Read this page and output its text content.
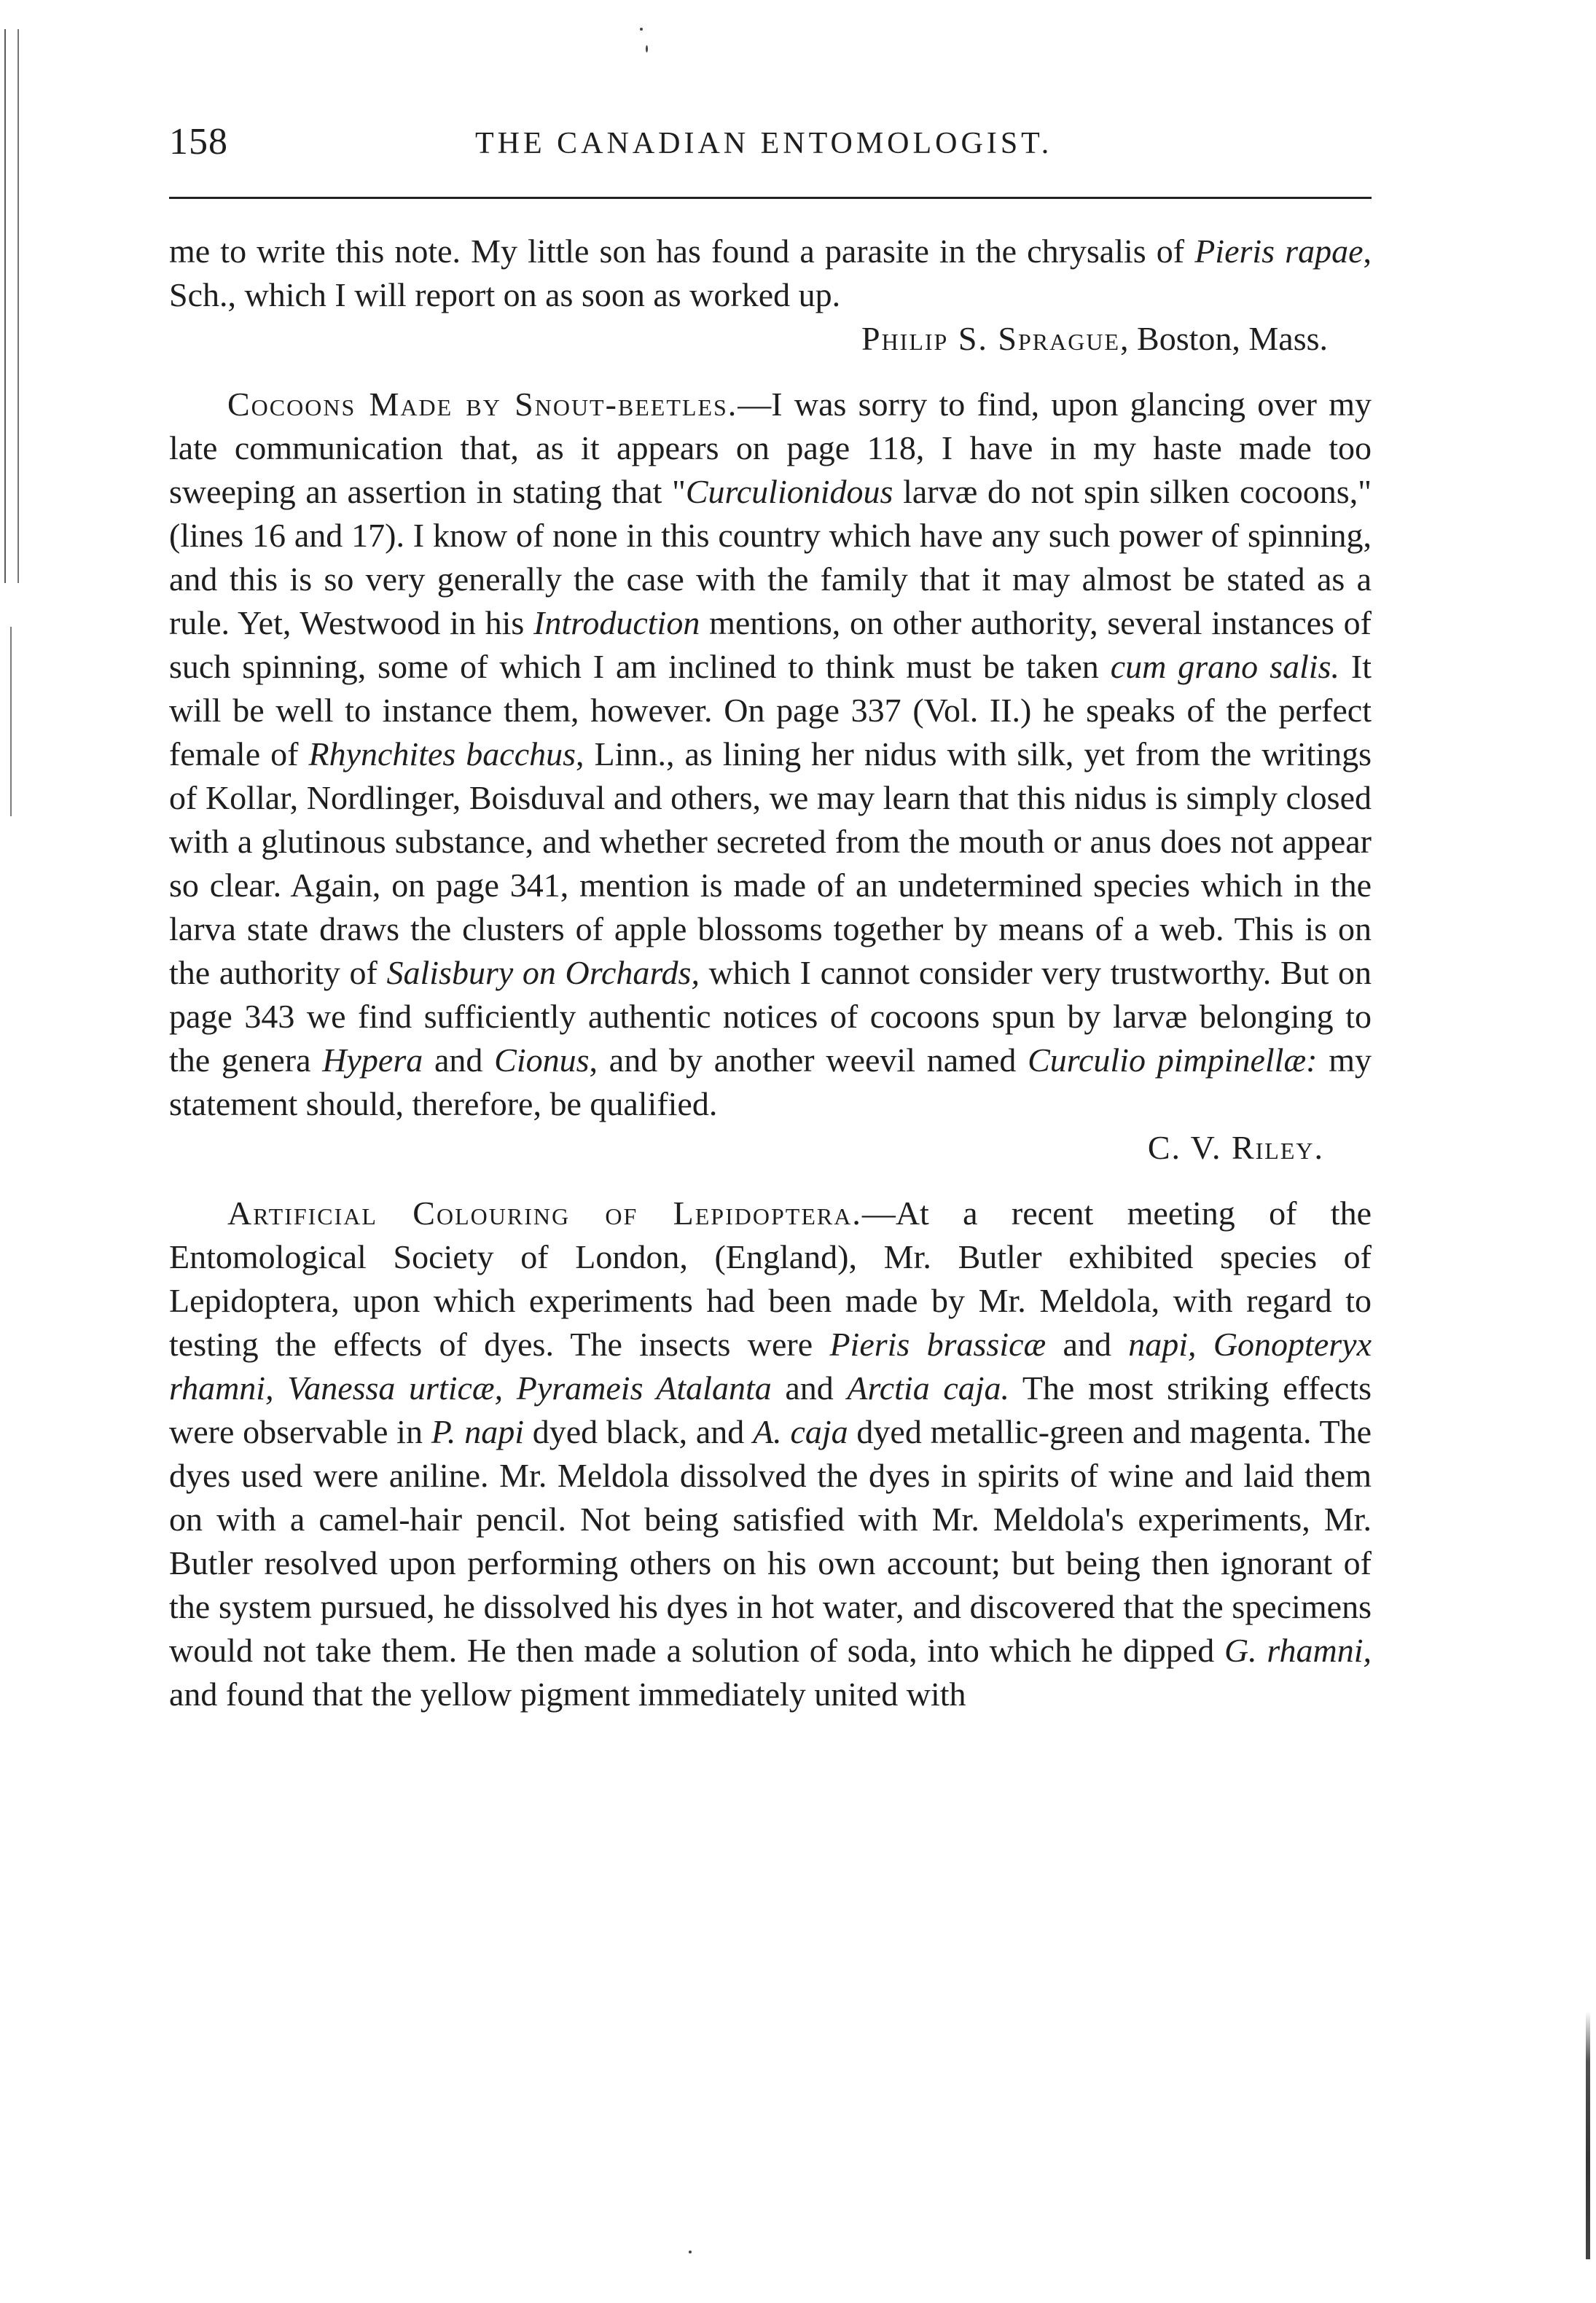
158	THE CANADIAN ENTOMOLOGIST.

me to write this note. My little son has found a parasite in the chrysalis of Pieris rapae, Sch., which I will report on as soon as worked up.

Philip S. Sprague, Boston, Mass.

Cocoons Made by Snout-beetles.—I was sorry to find, upon glancing over my late communication that, as it appears on page 118, I have in my haste made too sweeping an assertion in stating that "Curculionidous larvæ do not spin silken cocoons," (lines 16 and 17). I know of none in this country which have any such power of spinning, and this is so very generally the case with the family that it may almost be stated as a rule. Yet, Westwood in his Introduction mentions, on other authority, several instances of such spinning, some of which I am inclined to think must be taken cum grano salis. It will be well to instance them, however. On page 337 (Vol. II.) he speaks of the perfect female of Rhynchites bacchus, Linn., as lining her nidus with silk, yet from the writings of Kollar, Nordlinger, Boisduval and others, we may learn that this nidus is simply closed with a glutinous substance, and whether secreted from the mouth or anus does not appear so clear. Again, on page 341, mention is made of an undetermined species which in the larva state draws the clusters of apple blossoms together by means of a web. This is on the authority of Salisbury on Orchards, which I cannot consider very trustworthy. But on page 343 we find sufficiently authentic notices of cocoons spun by larvæ belonging to the genera Hypera and Cionus, and by another weevil named Curculio pimpinellæ: my statement should, therefore, be qualified.

C. V. Riley.

Artificial Colouring of Lepidoptera.—At a recent meeting of the Entomological Society of London, (England), Mr. Butler exhibited species of Lepidoptera, upon which experiments had been made by Mr. Meldola, with regard to testing the effects of dyes. The insects were Pieris brassicæ and napi, Gonopteryx rhamni, Vanessa urticæ, Pyrameis Atalanta and Arctia caja. The most striking effects were observable in P. napi dyed black, and A. caja dyed metallic-green and magenta. The dyes used were aniline. Mr. Meldola dissolved the dyes in spirits of wine and laid them on with a camel-hair pencil. Not being satisfied with Mr. Meldola's experiments, Mr. Butler resolved upon performing others on his own account; but being then ignorant of the system pursued, he dissolved his dyes in hot water, and discovered that the specimens would not take them. He then made a solution of soda, into which he dipped G. rhamni, and found that the yellow pigment immediately united with
